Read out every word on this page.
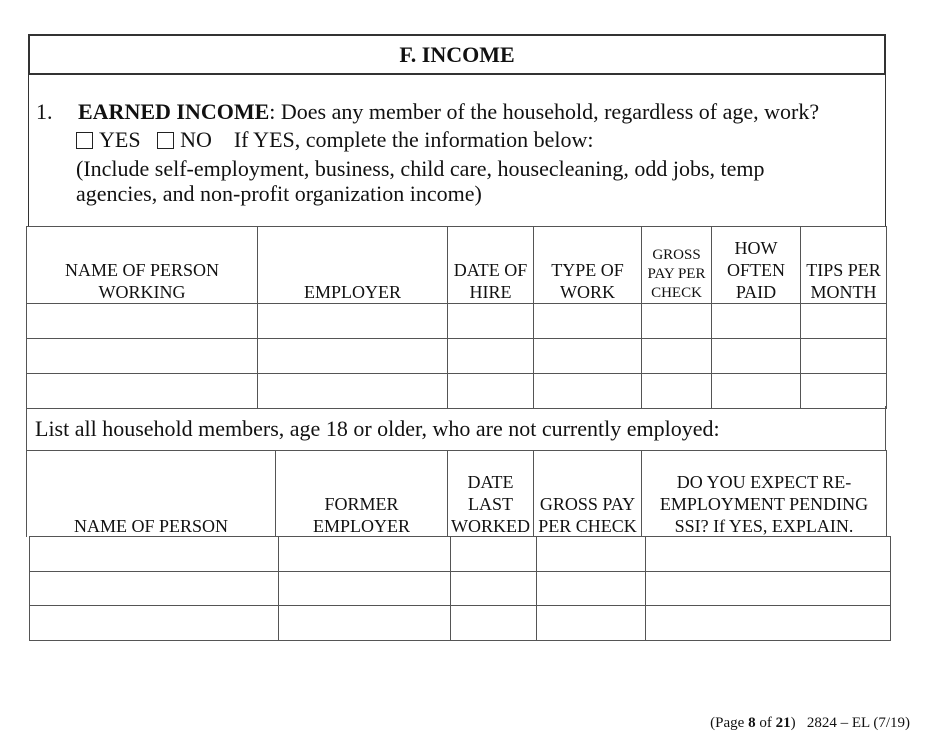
F. INCOME
1. EARNED INCOME: Does any member of the household, regardless of age, work?
YES NO If YES, complete the information below:
(Include self-employment, business, child care, housecleaning, odd jobs, temp
agencies, and non-profit organization income)
NAME OF PERSON WORKING	EMPLOYER	DATE OF HIRE	TYPE OF WORK	GROSS PAY PER CHECK	HOW OFTEN PAID	TIPS PER MONTH

List all household members, age 18 or older, who are not currently employed:
NAME OF PERSON	FORMER EMPLOYER	DATE LAST WORKED	GROSS PAY PER CHECK	DO YOU EXPECT RE-EMPLOYMENT PENDING SSI? If YES, EXPLAIN.

(Page 8 of 21) 2824 – EL (7/19)
